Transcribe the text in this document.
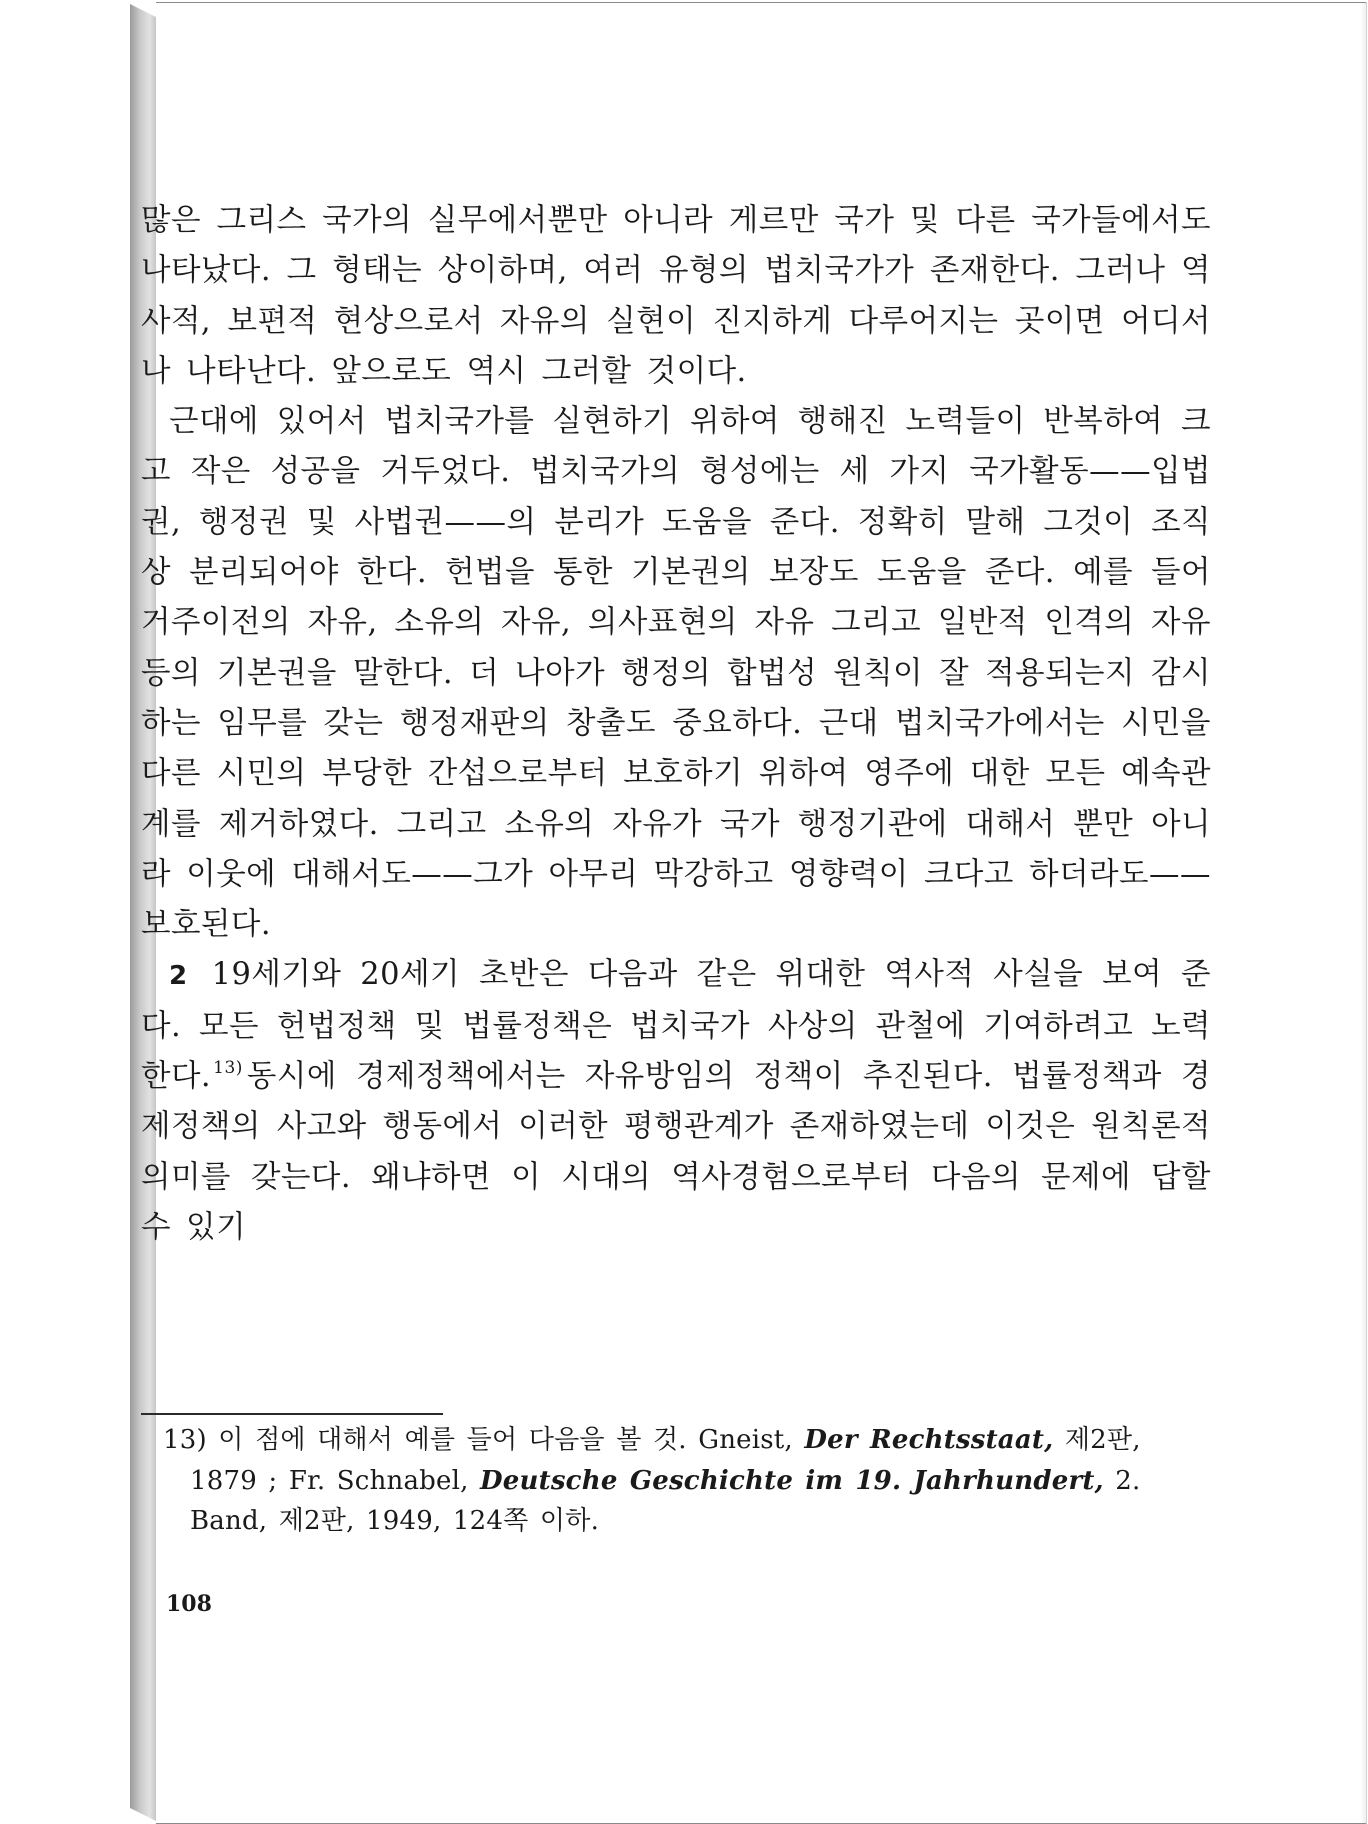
많은 그리스 국가의 실무에서뿐만 아니라 게르만 국가 및 다른 국가들에서도 나타났다. 그 형태는 상이하며, 여러 유형의 법치국가가 존재한다. 그러나 역사적, 보편적 현상으로서 자유의 실현이 진지하게 다루어지는 곳이면 어디서나 나타난다. 앞으로도 역시 그러할 것이다.

근대에 있어서 법치국가를 실현하기 위하여 행해진 노력들이 반복하여 크고 작은 성공을 거두었다. 법치국가의 형성에는 세 가지 국가활동——입법권, 행정권 및 사법권——의 분리가 도움을 준다. 정확히 말해 그것이 조직상 분리되어야 한다. 헌법을 통한 기본권의 보장도 도움을 준다. 예를 들어 거주이전의 자유, 소유의 자유, 의사표현의 자유 그리고 일반적 인격의 자유 등의 기본권을 말한다. 더 나아가 행정의 합법성 원칙이 잘 적용되는지 감시하는 임무를 갖는 행정재판의 창출도 중요하다. 근대 법치국가에서는 시민을 다른 시민의 부당한 간섭으로부터 보호하기 위하여 영주에 대한 모든 예속관계를 제거하였다. 그리고 소유의 자유가 국가 행정기관에 대해서 뿐만 아니라 이웃에 대해서도——그가 아무리 막강하고 영향력이 크다고 하더라도——보호된다.

2 19세기와 20세기 초반은 다음과 같은 위대한 역사적 사실을 보여 준다. 모든 헌법정책 및 법률정책은 법치국가 사상의 관철에 기여하려고 노력한다. $^{13)}$ 동시에 경제정책에서는 자유방임의 정책이 추진된다. 법률정책과 경제정책의 사고와 행동에서 이러한 평행관계가 존재하였는데 이것은 원칙론적 의미를 갖는다. 왜냐하면 이 시대의 역사경험으로부터 다음의 문제에 답할 수 있기

13) 이 점에 대해서 예를 들어 다음을 볼 것. Gneist, Der Rechtsstaat, 제2판, 1879 ; Fr. Schnabel, Deutsche Geschichte im 19. Jahrhundert, 2. Band, 제2판, 1949, 124쪽 이하.

108
